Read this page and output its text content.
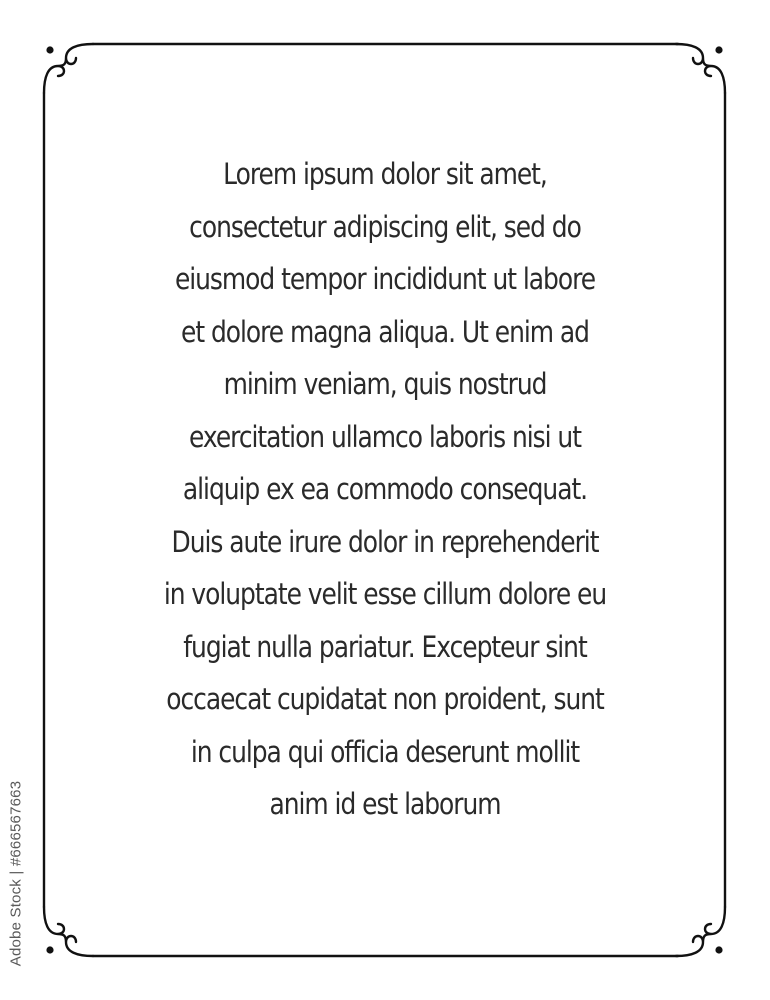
Lorem ipsum dolor sit amet,
consectetur adipiscing elit, sed do
eiusmod tempor incididunt ut labore
et dolore magna aliqua. Ut enim ad
minim veniam, quis nostrud
exercitation ullamco laboris nisi ut
aliquip ex ea commodo consequat.
Duis aute irure dolor in reprehenderit
in voluptate velit esse cillum dolore eu
fugiat nulla pariatur. Excepteur sint
occaecat cupidatat non proident, sunt
in culpa qui officia deserunt mollit
anim id est laborum

Adobe Stock | #666567663
